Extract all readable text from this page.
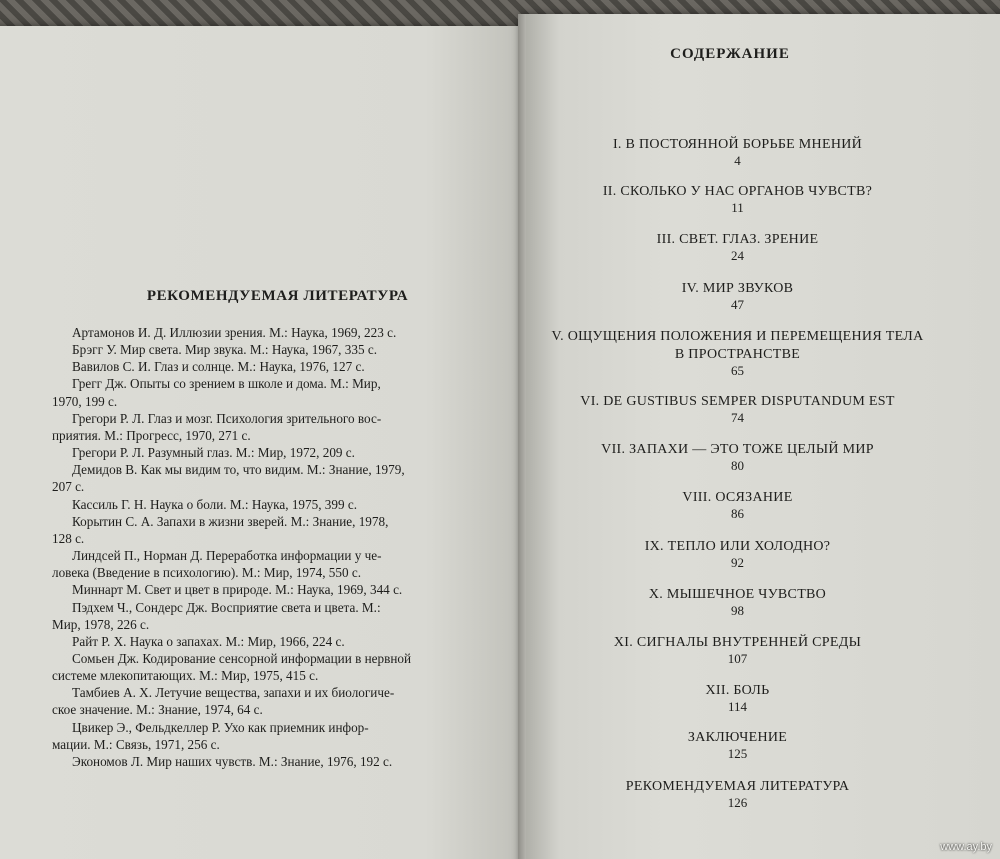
РЕКОМЕНДУЕМАЯ ЛИТЕРАТУРА
Артамонов И. Д. Иллюзии зрения. М.: Наука, 1969, 223 с.
Брэгг У. Мир света. Мир звука. М.: Наука, 1967, 335 с.
Вавилов С. И. Глаз и солнце. М.: Наука, 1976, 127 с.
Грегг Дж. Опыты со зрением в школе и дома. М.: Мир,
1970, 199 с.
Грегори Р. Л. Глаз и мозг. Психология зрительного вос-
приятия. М.: Прогресс, 1970, 271 с.
Грегори Р. Л. Разумный глаз. М.: Мир, 1972, 209 с.
Демидов В. Как мы видим то, что видим. М.: Знание, 1979,
207 с.
Кассиль Г. Н. Наука о боли. М.: Наука, 1975, 399 с.
Корытин С. А. Запахи в жизни зверей. М.: Знание, 1978,
128 с.
Линдсей П., Норман Д. Переработка информации у че-
ловека (Введение в психологию). М.: Мир, 1974, 550 с.
Миннарт М. Свет и цвет в природе. М.: Наука, 1969, 344 с.
Пэдхем Ч., Сондерс Дж. Восприятие света и цвета. М.:
Мир, 1978, 226 с.
Райт Р. Х. Наука о запахах. М.: Мир, 1966, 224 с.
Сомьен Дж. Кодирование сенсорной информации в нервной
системе млекопитающих. М.: Мир, 1975, 415 с.
Тамбиев А. Х. Летучие вещества, запахи и их биологиче-
ское значение. М.: Знание, 1974, 64 с.
Цвикер Э., Фельдкеллер Р. Ухо как приемник инфор-
мации. М.: Связь, 1971, 256 с.
Экономов Л. Мир наших чувств. М.: Знание, 1976, 192 с.
СОДЕРЖАНИЕ
I. В ПОСТОЯННОЙ БОРЬБЕ МНЕНИЙ
4
II. СКОЛЬКО У НАС ОРГАНОВ ЧУВСТВ?
11
III. СВЕТ. ГЛАЗ. ЗРЕНИЕ
24
IV. МИР ЗВУКОВ
47
V. ОЩУЩЕНИЯ ПОЛОЖЕНИЯ И ПЕРЕМЕЩЕНИЯ ТЕЛА
В ПРОСТРАНСТВЕ
65
VI. DE GUSTIBUS SEMPER DISPUTANDUM EST
74
VII. ЗАПАХИ — ЭТО ТОЖЕ ЦЕЛЫЙ МИР
80
VIII. ОСЯЗАНИЕ
86
IX. ТЕПЛО ИЛИ ХОЛОДНО?
92
X. МЫШЕЧНОЕ ЧУВСТВО
98
XI. СИГНАЛЫ ВНУТРЕННЕЙ СРЕДЫ
107
XII. БОЛЬ
114
ЗАКЛЮЧЕНИЕ
125
РЕКОМЕНДУЕМАЯ ЛИТЕРАТУРА
126
www.ay.by
